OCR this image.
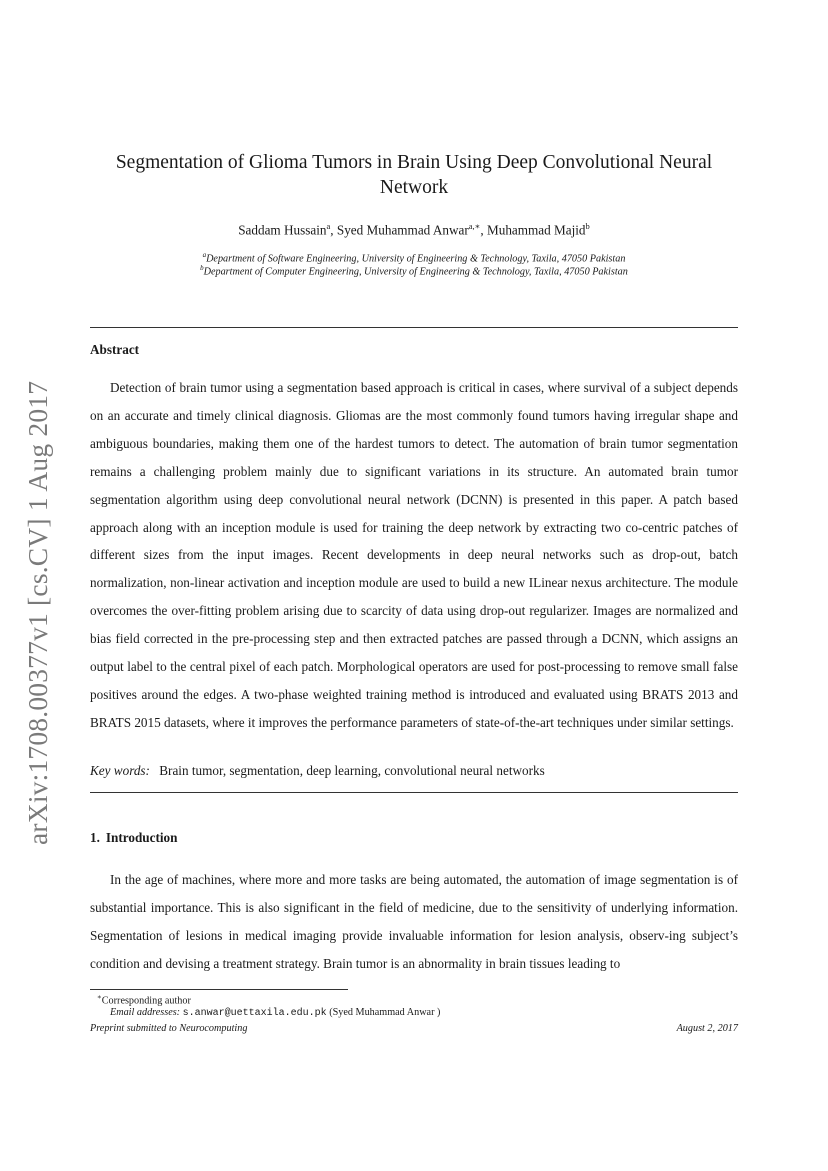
arXiv:1708.00377v1 [cs.CV] 1 Aug 2017
Segmentation of Glioma Tumors in Brain Using Deep Convolutional Neural Network
Saddam Hussain$^a$, Syed Muhammad Anwar$^{a,∗}$, Muhammad Majid$^b$
$^a$Department of Software Engineering, University of Engineering & Technology, Taxila, 47050 Pakistan
$^b$Department of Computer Engineering, University of Engineering & Technology, Taxila, 47050 Pakistan
Abstract

Detection of brain tumor using a segmentation based approach is critical in cases, where survival of a subject depends on an accurate and timely clinical diagnosis. Gliomas are the most commonly found tumors having irregular shape and ambiguous boundaries, making them one of the hardest tumors to detect. The automation of brain tumor segmentation remains a challenging problem mainly due to significant variations in its structure. An automated brain tumor segmentation algorithm using deep convolutional neural network (DCNN) is presented in this paper. A patch based approach along with an inception module is used for training the deep network by extracting two co-centric patches of different sizes from the input images. Recent developments in deep neural networks such as drop-out, batch normalization, non-linear activation and inception module are used to build a new ILinear nexus architecture. The module overcomes the over-fitting problem arising due to scarcity of data using drop-out regularizer. Images are normalized and bias field corrected in the pre-processing step and then extracted patches are passed through a DCNN, which assigns an output label to the central pixel of each patch. Morphological operators are used for post-processing to remove small false positives around the edges. A two-phase weighted training method is introduced and evaluated using BRATS 2013 and BRATS 2015 datasets, where it improves the performance parameters of state-of-the-art techniques under similar settings.

Key words: Brain tumor, segmentation, deep learning, convolutional neural networks
1. Introduction

In the age of machines, where more and more tasks are being automated, the automation of image segmentation is of substantial importance. This is also significant in the field of medicine, due to the sensitivity of underlying information. Segmentation of lesions in medical imaging provide invaluable information for lesion analysis, observ-ing subject’s condition and devising a treatment strategy. Brain tumor is an abnormality in brain tissues leading to

∗Corresponding author
Email addresses: s.anwar@uettaxila.edu.pk (Syed Muhammad Anwar )
Preprint submitted to Neurocomputing	August 2, 2017
